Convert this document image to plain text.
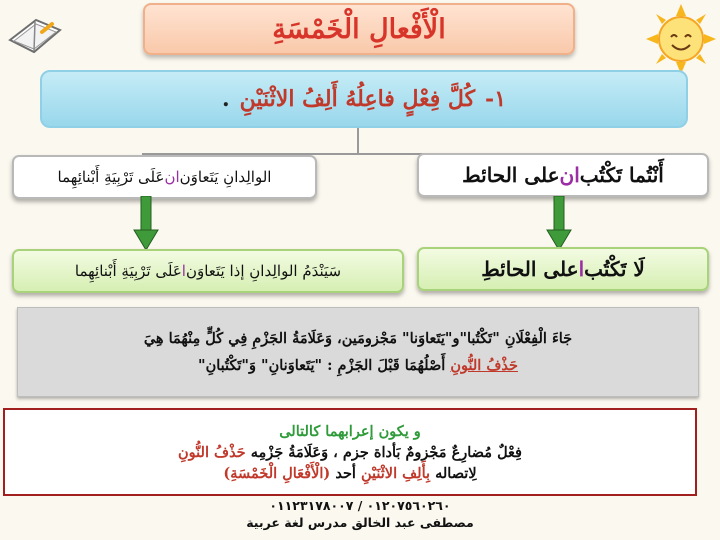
الْأَفْعالِ الْخَمْسَةِ
١-
كُلَّ فِعْلٍ فاعِلُهُ أَلِفُ الاثْنَيْنِ
.
أَنْتُما تَكْتُب
ان
على الحائط
الوالِدانِ يَتَعاوَن
ان
عَلَى تَرْبِيَةِ أَبْنائِهِما
لَا تَكْتُب
ا
على الحائطِ
سَيَنْدَمُ الوالِدانِ إذا يَتَعاوَن
ا
عَلَى تَرْبِيَةِ أَبْنائِهِما
جَاءَ الْفِعْلَانِ "تَكْتُبا"و"يَتَعاوَنا" مَجْزومَين، وَعَلَامَةُ الجَزْمِ فِي كُلٍّ مِنْهُمَا هِيَ
حَذْفُ النُّونِ أَصْلُهُمَا قَبْلَ الجَزْمِ : "يَتَعاوَنانِ" وَ"تَكْتُبانِ"
و يكون إعرابهما كالتالى
فِعْلٌ مُضارِعٌ مَجْزومٌ بَأداة جزم ، وَعَلَامَةُ جَزْمِه حَذْفُ النُّونِ
لِاتصاله بِأَلِفِ الاثْنَيْنِ أحد (الْأَفْعَالِ الْخَمْسَةِ)
٠١٢٠٧٥٦٠٢٦٠ / ٠١١٢٣١٧٨٠٠٧
مصطفى عبد الخالق مدرس لغة عربية
